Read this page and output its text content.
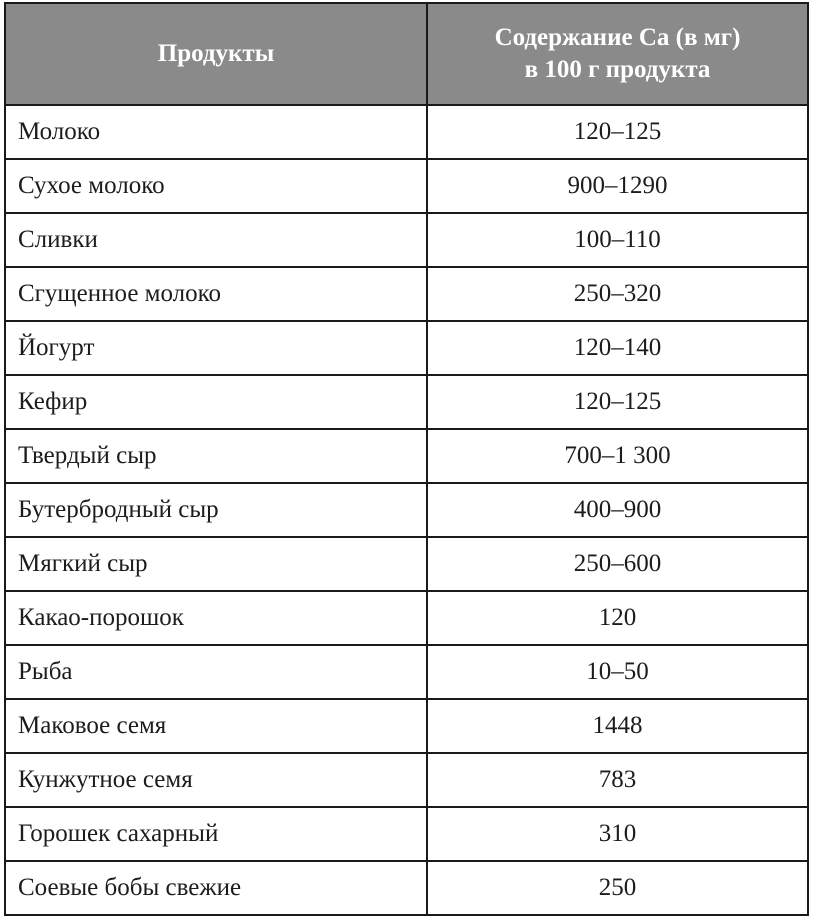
Продукты	Содержание Са (в мг)
в 100 г продукта
Молоко	120–125
Сухое молоко	900–1290
Сливки	100–110
Сгущенное молоко	250–320
Йогурт	120–140
Кефир	120–125
Твердый сыр	700–1 300
Бутербродный сыр	400–900
Мягкий сыр	250–600
Какао-порошок	120
Рыба	10–50
Маковое семя	1448
Кунжутное семя	783
Горошек сахарный	310
Соевые бобы свежие	250
